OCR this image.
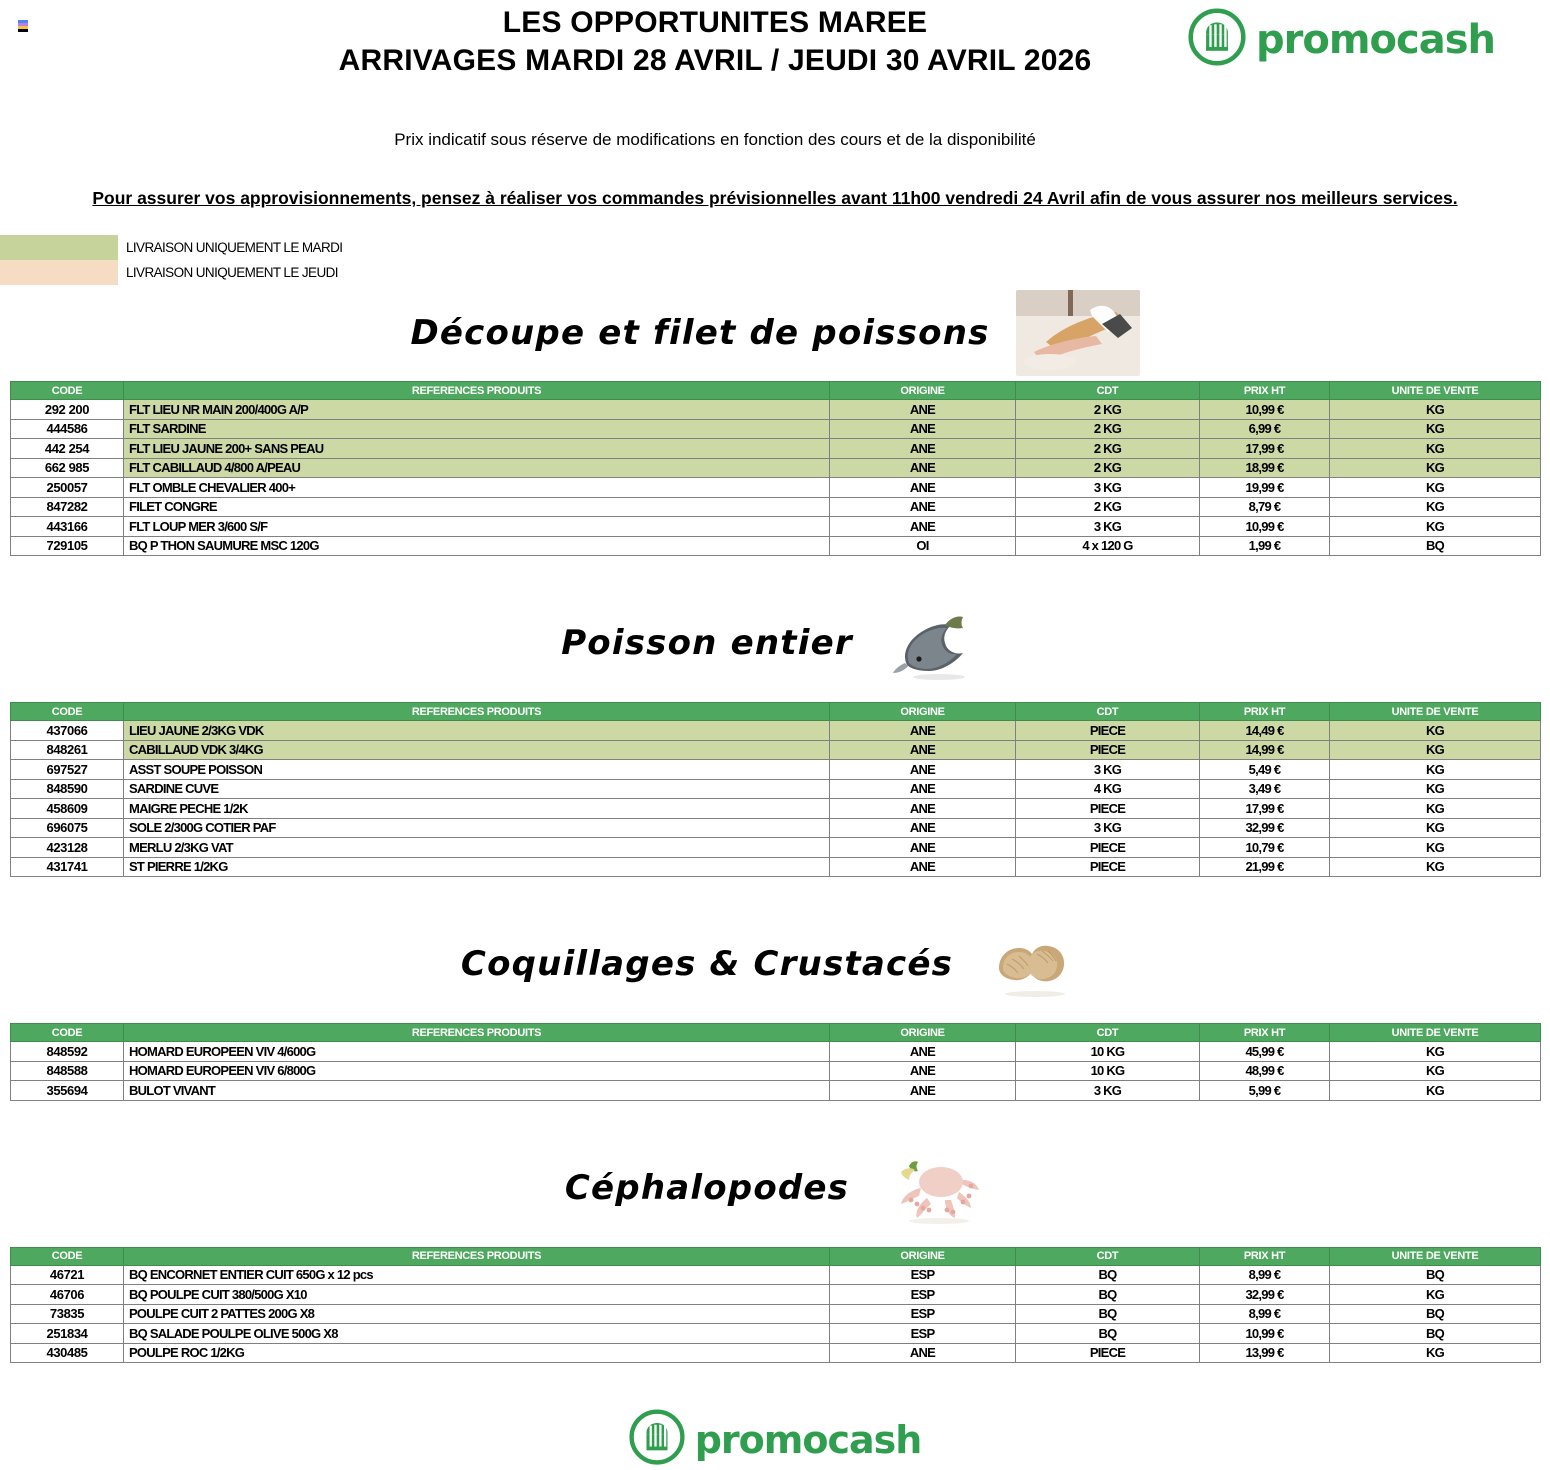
LES OPPORTUNITES MAREE
ARRIVAGES MARDI 28 AVRIL / JEUDI 30 AVRIL 2026	promocash
Prix indicatif sous réserve de modifications en fonction des cours et de la disponibilité
Pour assurer vos approvisionnements, pensez à réaliser vos commandes prévisionnelles avant 11h00 vendredi 24 Avril afin de vous assurer nos meilleurs services.
LIVRAISON UNIQUEMENT LE MARDI
LIVRAISON UNIQUEMENT LE JEUDI
Découpe et filet de poissons
CODE	REFERENCES PRODUITS	ORIGINE	CDT	PRIX HT	UNITE DE VENTE
292 200	FLT LIEU NR MAIN 200/400G A/P	ANE	2 KG	10,99 €	KG
444586	FLT SARDINE	ANE	2 KG	6,99 €	KG
442 254	FLT LIEU JAUNE 200+ SANS PEAU	ANE	2 KG	17,99 €	KG
662 985	FLT CABILLAUD 4/800 A/PEAU	ANE	2 KG	18,99 €	KG
250057	FLT OMBLE CHEVALIER 400+	ANE	3 KG	19,99 €	KG
847282	FILET CONGRE	ANE	2 KG	8,79 €	KG
443166	FLT LOUP MER 3/600 S/F	ANE	3 KG	10,99 €	KG
729105	BQ P THON SAUMURE MSC 120G	OI	4 x 120 G	1,99 €	BQ
Poisson entier
CODE	REFERENCES PRODUITS	ORIGINE	CDT	PRIX HT	UNITE DE VENTE
437066	LIEU JAUNE 2/3KG VDK	ANE	PIECE	14,49 €	KG
848261	CABILLAUD VDK 3/4KG	ANE	PIECE	14,99 €	KG
697527	ASST SOUPE POISSON	ANE	3 KG	5,49 €	KG
848590	SARDINE CUVE	ANE	4 KG	3,49 €	KG
458609	MAIGRE PECHE 1/2K	ANE	PIECE	17,99 €	KG
696075	SOLE 2/300G COTIER PAF	ANE	3 KG	32,99 €	KG
423128	MERLU 2/3KG VAT	ANE	PIECE	10,79 €	KG
431741	ST PIERRE 1/2KG	ANE	PIECE	21,99 €	KG
Coquillages & Crustacés
CODE	REFERENCES PRODUITS	ORIGINE	CDT	PRIX HT	UNITE DE VENTE
848592	HOMARD EUROPEEN VIV 4/600G	ANE	10 KG	45,99 €	KG
848588	HOMARD EUROPEEN VIV 6/800G	ANE	10 KG	48,99 €	KG
355694	BULOT VIVANT	ANE	3 KG	5,99 €	KG
Céphalopodes
CODE	REFERENCES PRODUITS	ORIGINE	CDT	PRIX HT	UNITE DE VENTE
46721	BQ ENCORNET ENTIER CUIT 650G x 12 pcs	ESP	BQ	8,99 €	BQ
46706	BQ POULPE CUIT 380/500G X10	ESP	BQ	32,99 €	KG
73835	POULPE CUIT 2 PATTES 200G X8	ESP	BQ	8,99 €	BQ
251834	BQ SALADE POULPE OLIVE 500G X8	ESP	BQ	10,99 €	BQ
430485	POULPE ROC 1/2KG	ANE	PIECE	13,99 €	KG
promocash
